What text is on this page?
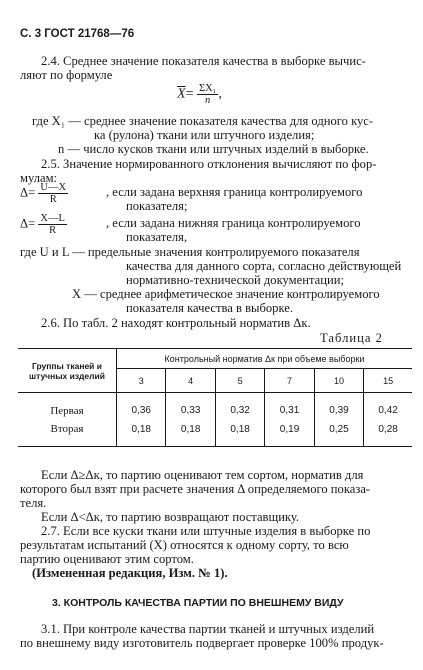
С. 3 ГОСТ 21768—76
2.4. Среднее значение показателя качества в выборке вычис-
ляют по формуле
$\overline{X}= \frac{\text{ΣX₁}}{n}$ ,
где X₁ — среднее значение показателя качества для одного кус-
ка (рулона) ткани или штучного изделия;
n — число кусков ткани или штучных изделий в выборке.
2.5. Значение нормированного отклонения вычисляют по фор-
мулам:
$\Delta= \frac{U—X}{R}$	, если задана верхняя граница контролируемого
показателя;
$\Delta= \frac{X—L}{R}$	, если задана нижняя граница контролируемого
показателя,
где U и L — предельные значения контролируемого показателя
качества для данного сорта, согласно действующей
нормативно-технической документации;
X — среднее арифметическое значение контролируемого
показателя качества в выборке.
2.6. По табл. 2 находят контрольный норматив Δк.
Таблица 2
Группы тканей и штучных изделий	Контрольный норматив Δк при объеме выборки					
	3	4	5	7	10	15
Первая	0,36	0,33	0,32	0,31	0,39	0,42
Вторая	0,18	0,18	0,18	0,19	0,25	0,28
Если Δ≥Δк, то партию оценивают тем сортом, норматив для
которого был взят при расчете значения Δ определяемого показа-
теля.
Если Δ<Δк, то партию возвращают поставщику.
2.7. Если все куски ткани или штучные изделия в выборке по
результатам испытаний (X) относятся к одному сорту, то всю
партию оценивают этим сортом.
(Измененная редакция, Изм. № 1).
3. КОНТРОЛЬ КАЧЕСТВА ПАРТИИ ПО ВНЕШНЕМУ ВИДУ
3.1. При контроле качества партии тканей и штучных изделий
по внешнему виду изготовитель подвергает проверке 100% продук-
